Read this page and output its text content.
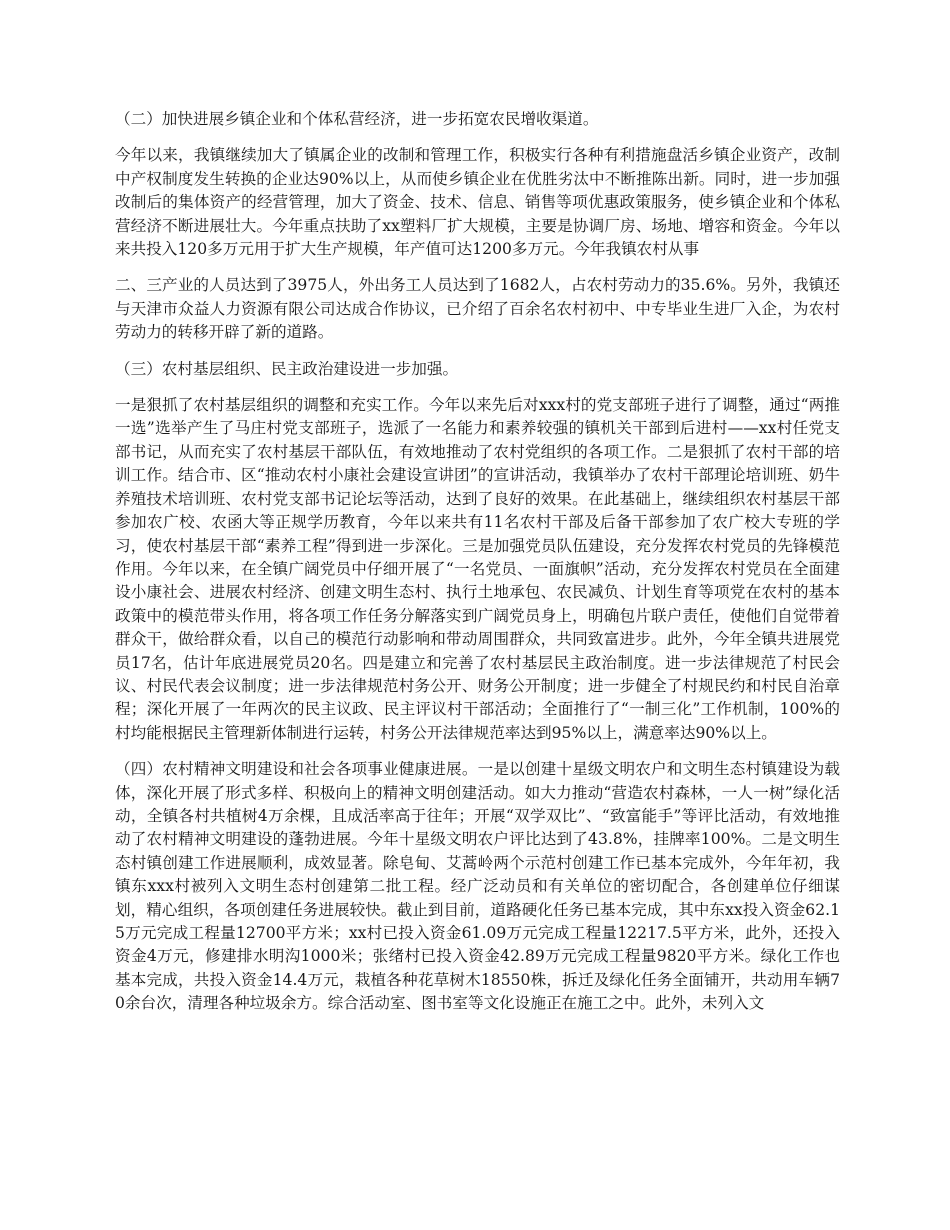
（二）加快进展乡镇企业和个体私营经济，进一步拓宽农民增收渠道。

今年以来，我镇继续加大了镇属企业的改制和管理工作，积极实行各种有利措施盘活乡镇企业资产，改制中产权制度发生转换的企业达90%以上，从而使乡镇企业在优胜劣汰中不断推陈出新。同时，进一步加强改制后的集体资产的经营管理，加大了资金、技术、信息、销售等项优惠政策服务，使乡镇企业和个体私营经济不断进展壮大。今年重点扶助了xx塑料厂扩大规模，主要是协调厂房、场地、增容和资金。今年以来共投入120多万元用于扩大生产规模，年产值可达1200多万元。今年我镇农村从事

二、三产业的人员达到了3975人，外出务工人员达到了1682人，占农村劳动力的35.6%。另外，我镇还与天津市众益人力资源有限公司达成合作协议，已介绍了百余名农村初中、中专毕业生进厂入企，为农村劳动力的转移开辟了新的道路。

（三）农村基层组织、民主政治建设进一步加强。

一是狠抓了农村基层组织的调整和充实工作。今年以来先后对xxx村的党支部班子进行了调整，通过“两推一选”选举产生了马庄村党支部班子，选派了一名能力和素养较强的镇机关干部到后进村——xx村任党支部书记，从而充实了农村基层干部队伍，有效地推动了农村党组织的各项工作。二是狠抓了农村干部的培训工作。结合市、区“推动农村小康社会建设宣讲团”的宣讲活动，我镇举办了农村干部理论培训班、奶牛养殖技术培训班、农村党支部书记论坛等活动，达到了良好的效果。在此基础上，继续组织农村基层干部参加农广校、农函大等正规学历教育，今年以来共有11名农村干部及后备干部参加了农广校大专班的学习，使农村基层干部“素养工程”得到进一步深化。三是加强党员队伍建设，充分发挥农村党员的先锋模范作用。今年以来，在全镇广阔党员中仔细开展了“一名党员、一面旗帜”活动，充分发挥农村党员在全面建设小康社会、进展农村经济、创建文明生态村、执行土地承包、农民减负、计划生育等项党在农村的基本政策中的模范带头作用，将各项工作任务分解落实到广阔党员身上，明确包片联户责任，使他们自觉带着群众干，做给群众看，以自己的模范行动影响和带动周围群众，共同致富进步。此外，今年全镇共进展党员17名，估计年底进展党员20名。四是建立和完善了农村基层民主政治制度。进一步法律规范了村民会议、村民代表会议制度；进一步法律规范村务公开、财务公开制度；进一步健全了村规民约和村民自治章程；深化开展了一年两次的民主议政、民主评议村干部活动；全面推行了“一制三化”工作机制，100%的村均能根据民主管理新体制进行运转，村务公开法律规范率达到95%以上，满意率达90%以上。

（四）农村精神文明建设和社会各项事业健康进展。一是以创建十星级文明农户和文明生态村镇建设为载体，深化开展了形式多样、积极向上的精神文明创建活动。如大力推动“营造农村森林，一人一树”绿化活动，全镇各村共植树4万余棵，且成活率高于往年；开展“双学双比”、“致富能手”等评比活动，有效地推动了农村精神文明建设的蓬勃进展。今年十星级文明农户评比达到了43.8%，挂牌率100%。二是文明生态村镇创建工作进展顺利，成效显著。除皂甸、艾蒿岭两个示范村创建工作已基本完成外，今年年初，我镇东xxx村被列入文明生态村创建第二批工程。经广泛动员和有关单位的密切配合，各创建单位仔细谋划，精心组织，各项创建任务进展较快。截止到目前，道路硬化任务已基本完成，其中东xx投入资金62.15万元完成工程量12700平方米；xx村已投入资金61.09万元完成工程量12217.5平方米，此外，还投入资金4万元，修建排水明沟1000米；张绪村已投入资金42.89万元完成工程量9820平方米。绿化工作也基本完成，共投入资金14.4万元，栽植各种花草树木18550株，拆迁及绿化任务全面铺开，共动用车辆70余台次，清理各种垃圾余方。综合活动室、图书室等文化设施正在施工之中。此外，未列入文
